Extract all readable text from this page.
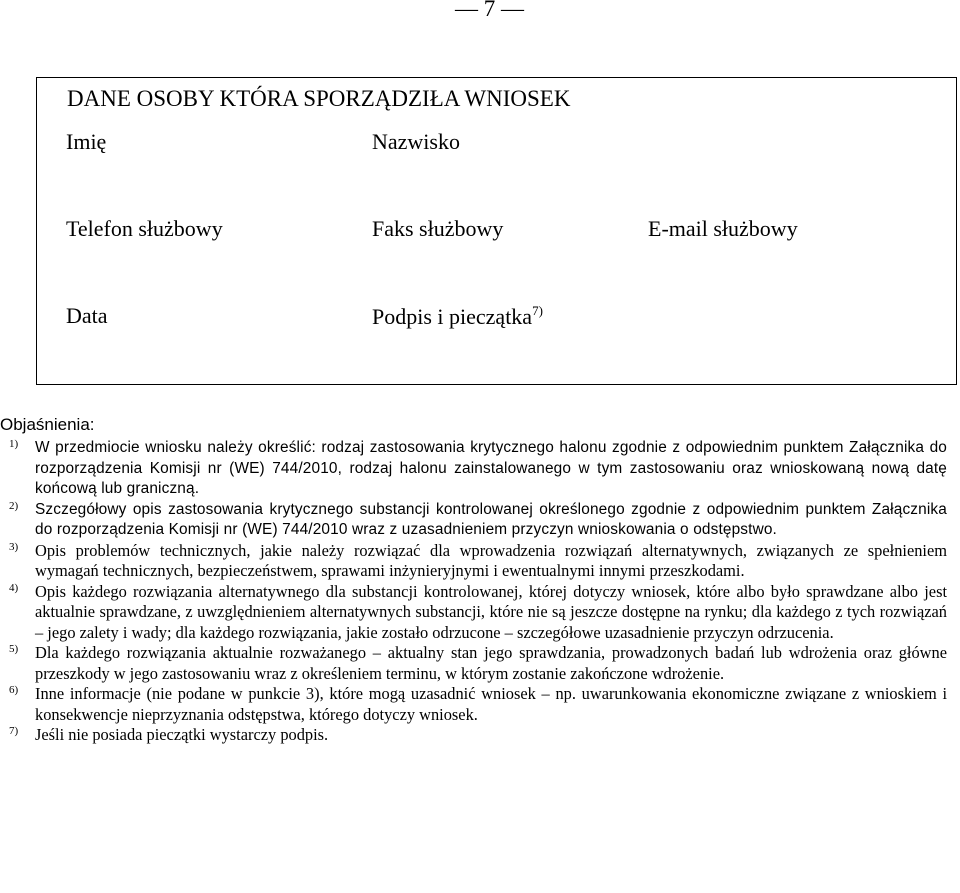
— 7 —
DANE OSOBY KTÓRA SPORZĄDZIŁA WNIOSEK
Imię	Nazwisko
Telefon służbowy	Faks służbowy	E-mail służbowy
Data	Podpis i pieczątka$^{7)}$
Objaśnienia:
1) W przedmiocie wniosku należy określić: rodzaj zastosowania krytycznego halonu zgodnie z odpowiednim punktem Załącznika do rozporządzenia Komisji nr (WE) 744/2010, rodzaj halonu zainstalowanego w tym zastosowaniu oraz wnioskowaną nową datę końcową lub graniczną.
2) Szczegółowy opis zastosowania krytycznego substancji kontrolowanej określonego zgodnie z odpowiednim punktem Załącznika do rozporządzenia Komisji nr (WE) 744/2010 wraz z uzasadnieniem przyczyn wnioskowania o odstępstwo.
3) Opis problemów technicznych, jakie należy rozwiązać dla wprowadzenia rozwiązań alternatywnych, związanych ze spełnieniem wymagań technicznych, bezpieczeństwem, sprawami inżynieryjnymi i ewentualnymi innymi przeszkodami.
4) Opis każdego rozwiązania alternatywnego dla substancji kontrolowanej, której dotyczy wniosek, które albo było sprawdzane albo jest aktualnie sprawdzane, z uwzględnieniem alternatywnych substancji, które nie są jeszcze dostępne na rynku; dla każdego z tych rozwiązań – jego zalety i wady; dla każdego rozwiązania, jakie zostało odrzucone – szczegółowe uzasadnienie przyczyn odrzucenia.
5) Dla każdego rozwiązania aktualnie rozważanego – aktualny stan jego sprawdzania, prowadzonych badań lub wdrożenia oraz główne przeszkody w jego zastosowaniu wraz z określeniem terminu, w którym zostanie zakończone wdrożenie.
6) Inne informacje (nie podane w punkcie 3), które mogą uzasadnić wniosek – np. uwarunkowania ekonomiczne związane z wnioskiem i konsekwencje nieprzyznania odstępstwa, którego dotyczy wniosek.
7) Jeśli nie posiada pieczątki wystarczy podpis.
